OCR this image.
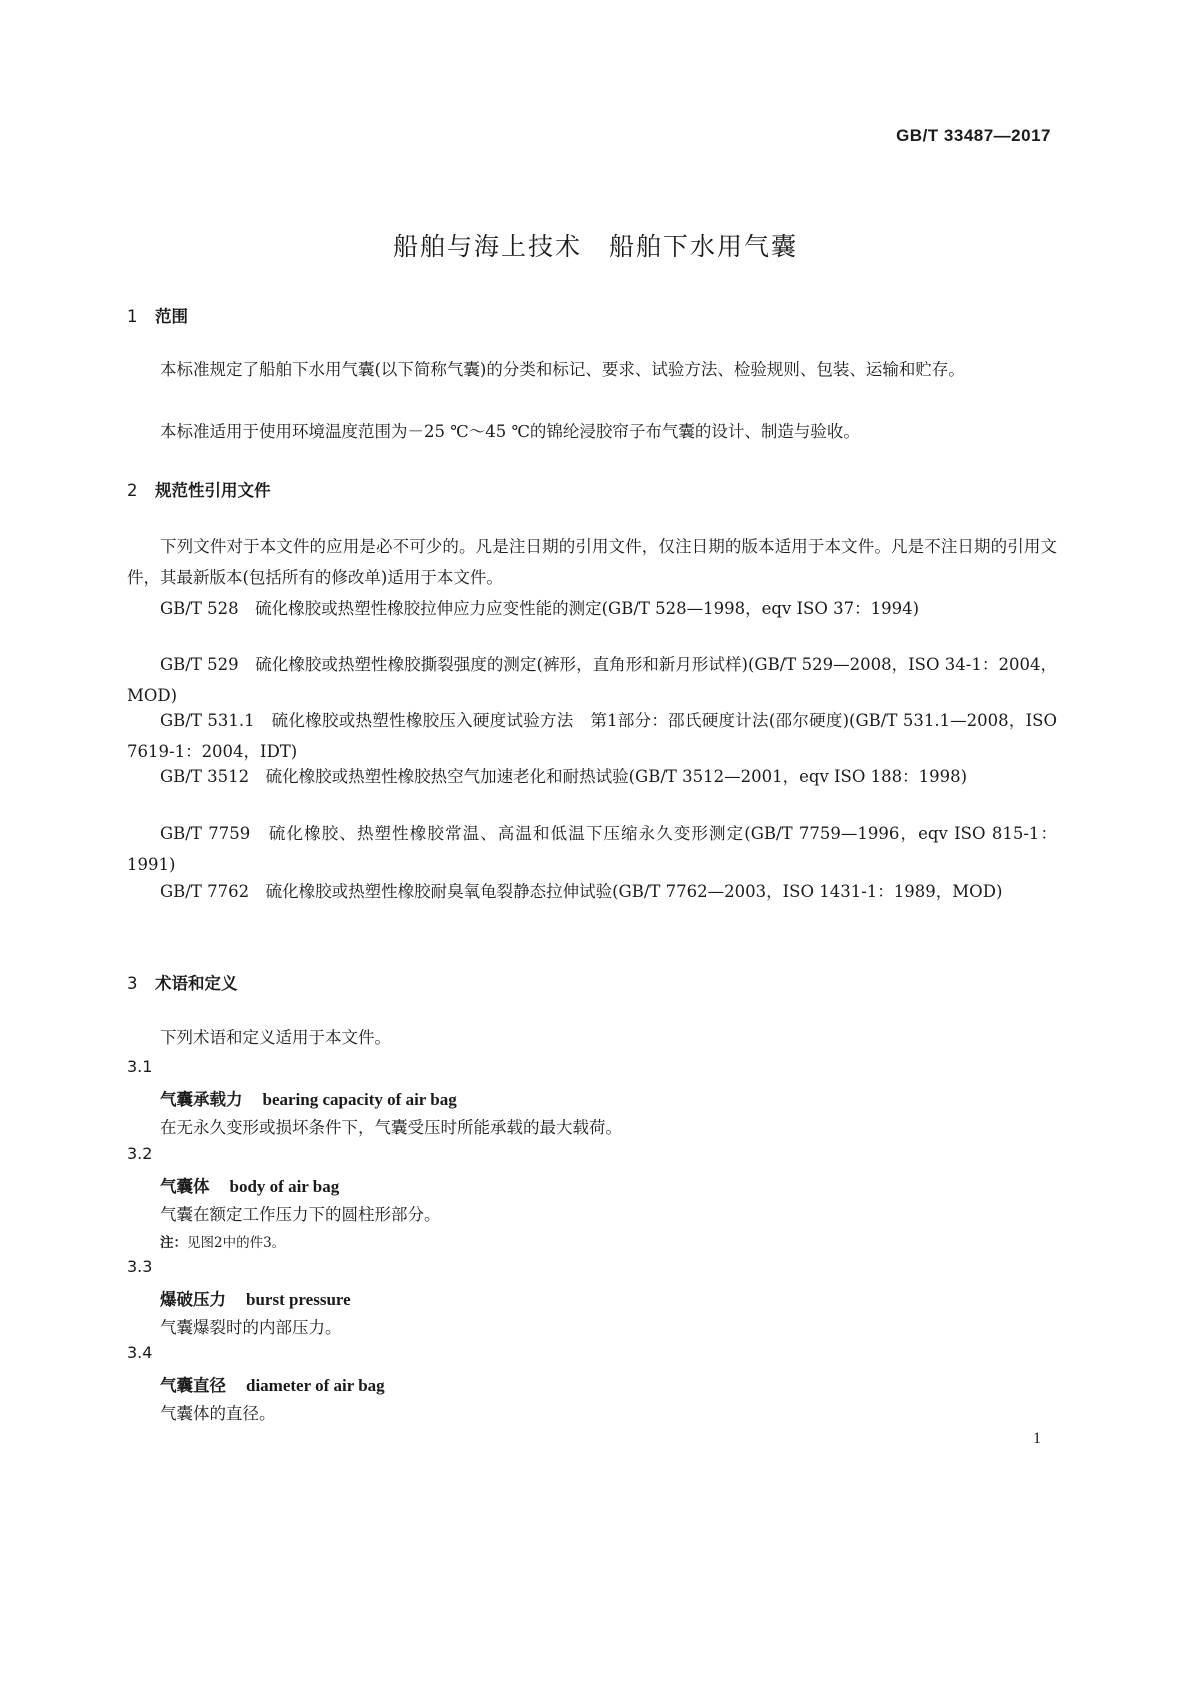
GB/T 33487—2017
船舶与海上技术　船舶下水用气囊
1 范围

本标准规定了船舶下水用气囊(以下简称气囊)的分类和标记、要求、试验方法、检验规则、包装、运输和贮存。

本标准适用于使用环境温度范围为－25 ℃～45 ℃的锦纶浸胶帘子布气囊的设计、制造与验收。

2 规范性引用文件

下列文件对于本文件的应用是必不可少的。凡是注日期的引用文件，仅注日期的版本适用于本文件。凡是不注日期的引用文件，其最新版本(包括所有的修改单)适用于本文件。

GB/T 528　硫化橡胶或热塑性橡胶拉伸应力应变性能的测定(GB/T 528—1998，eqv ISO 37：1994)

GB/T 529　硫化橡胶或热塑性橡胶撕裂强度的测定(裤形，直角形和新月形试样)(GB/T 529—2008，ISO 34-1：2004，MOD)

GB/T 531.1　硫化橡胶或热塑性橡胶压入硬度试验方法　第1部分：邵氏硬度计法(邵尔硬度)(GB/T 531.1—2008，ISO 7619-1：2004，IDT)

GB/T 3512　硫化橡胶或热塑性橡胶热空气加速老化和耐热试验(GB/T 3512—2001，eqv ISO 188：1998)

GB/T 7759　硫化橡胶、热塑性橡胶常温、高温和低温下压缩永久变形测定(GB/T 7759—1996，eqv ISO 815-1：1991)

GB/T 7762　硫化橡胶或热塑性橡胶耐臭氧龟裂静态拉伸试验(GB/T 7762—2003，ISO 1431-1：1989，MOD)

3 术语和定义

下列术语和定义适用于本文件。

3.1
气囊承载力 bearing capacity of air bag
在无永久变形或损坏条件下，气囊受压时所能承载的最大载荷。
3.2
气囊体 body of air bag
气囊在额定工作压力下的圆柱形部分。
注：见图2中的件3。
3.3
爆破压力 burst pressure
气囊爆裂时的内部压力。
3.4
气囊直径 diameter of air bag
气囊体的直径。
1
